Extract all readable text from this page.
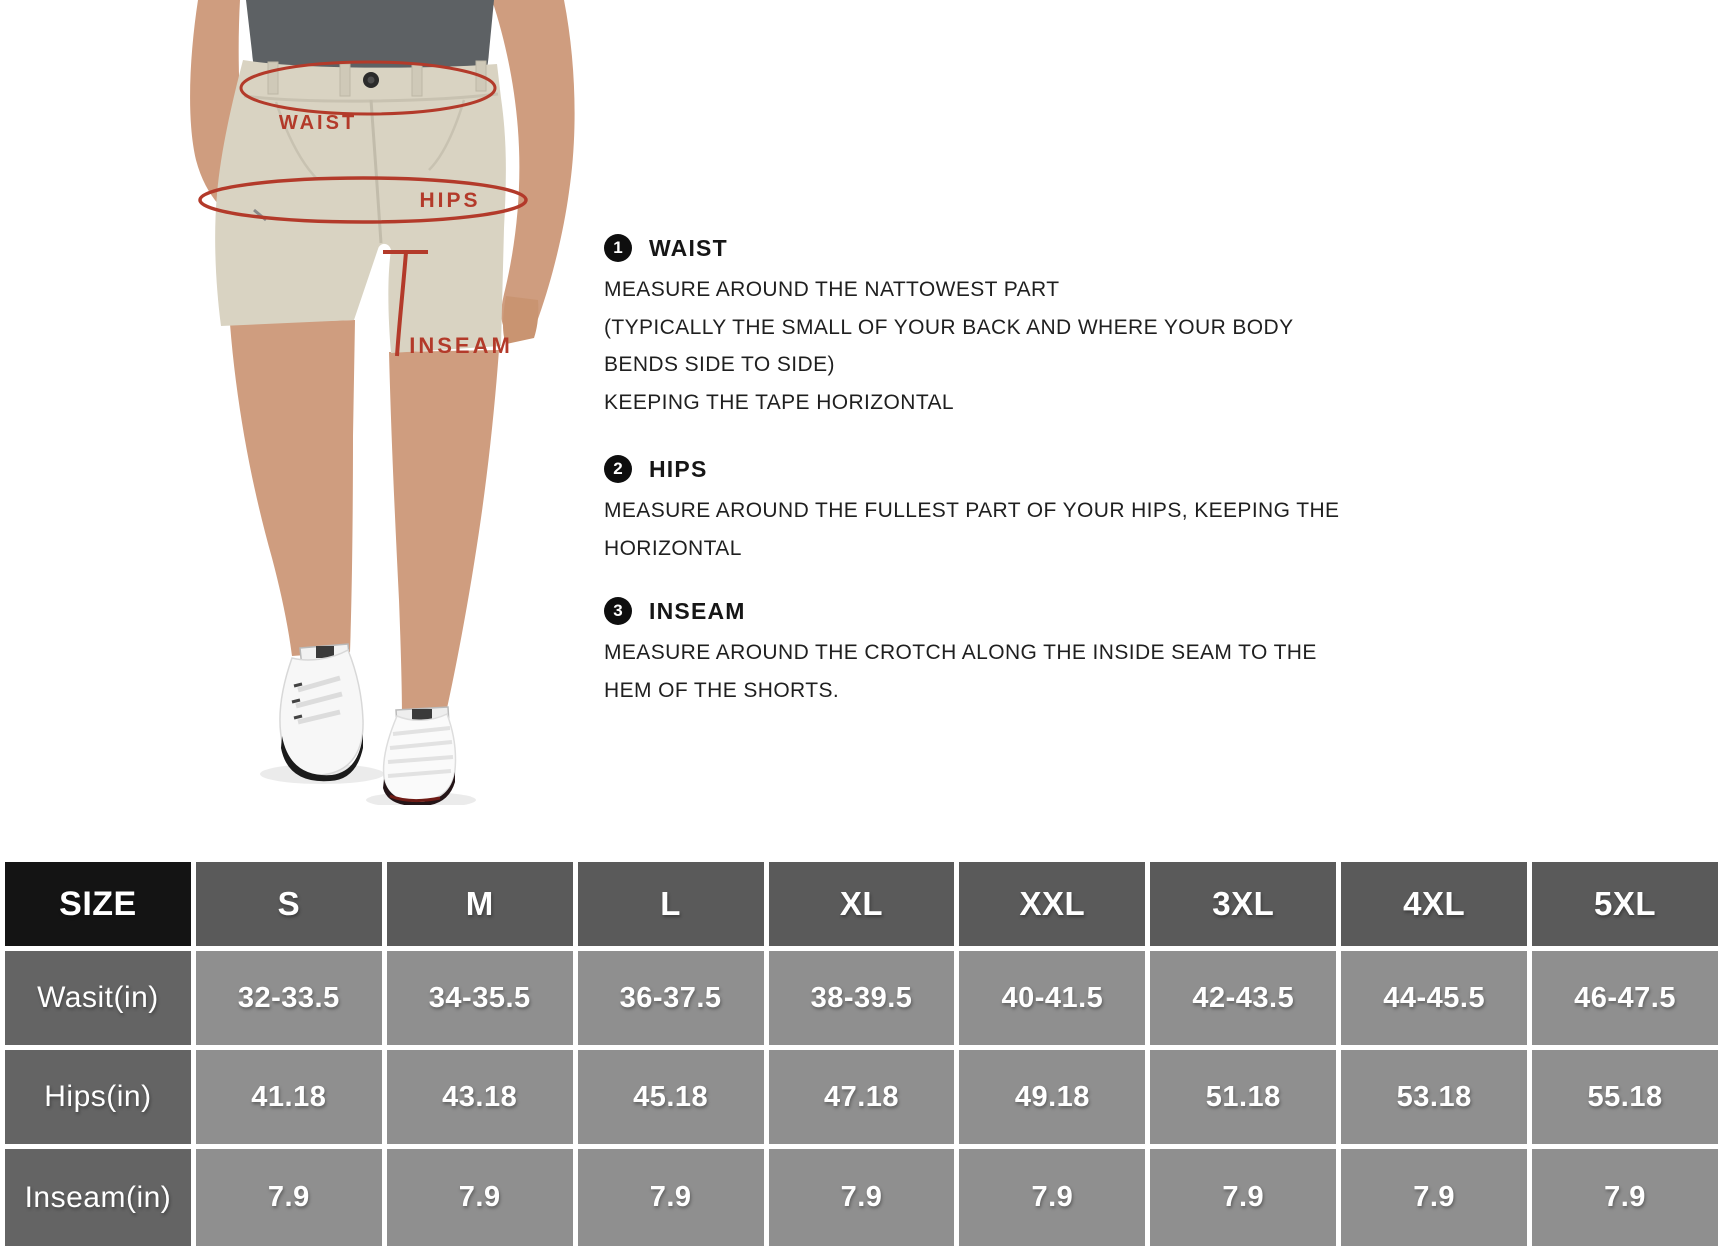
WAIST
HIPS
INSEAM
1	WAIST
MEASURE AROUND THE NATTOWEST PART
(TYPICALLY THE SMALL OF YOUR BACK AND WHERE YOUR BODY
BENDS SIDE TO SIDE)
KEEPING THE TAPE HORIZONTAL
2	HIPS
MEASURE AROUND THE FULLEST PART OF YOUR HIPS, KEEPING THE
HORIZONTAL
3	INSEAM
MEASURE AROUND THE CROTCH ALONG THE INSIDE SEAM TO THE
HEM OF THE SHORTS.
SIZE	S	M	L	XL	XXL	3XL	4XL	5XL
Wasit(in)	32-33.5	34-35.5	36-37.5	38-39.5	40-41.5	42-43.5	44-45.5	46-47.5
Hips(in)	41.18	43.18	45.18	47.18	49.18	51.18	53.18	55.18
Inseam(in)	7.9	7.9	7.9	7.9	7.9	7.9	7.9	7.9
